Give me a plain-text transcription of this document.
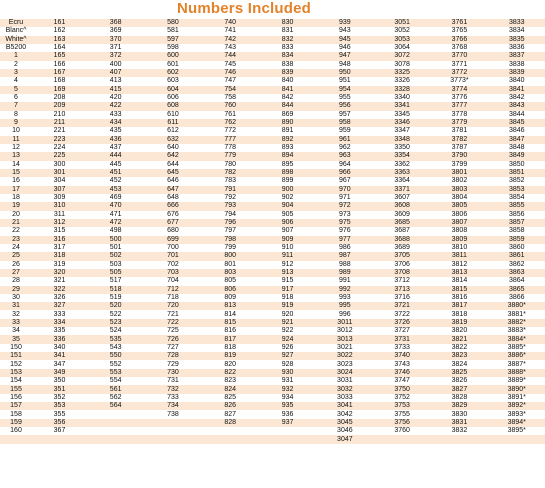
Numbers Included
Ecru	161	368	580	740	830	939	3051	3761	3833
Blanc^	162	369	581	741	831	943	3052	3765	3834
White^	163	370	597	742	832	945	3053	3766	3835
B5200	164	371	598	743	833	946	3064	3768	3836
1	165	372	600	744	834	947	3072	3770	3837
2	166	400	601	745	838	948	3078	3771	3838
3	167	407	602	746	839	950	3325	3772	3839
4	168	413	603	747	840	951	3326	3773*	3840
5	169	415	604	754	841	954	3328	3774	3841
6	208	420	606	758	842	955	3340	3776	3842
7	209	422	608	760	844	956	3341	3777	3843
8	210	433	610	761	869	957	3345	3778	3844
9	211	434	611	762	890	958	3346	3779	3845
10	221	435	612	772	891	959	3347	3781	3846
11	223	436	632	777	892	961	3348	3782	3847
12	224	437	640	778	893	962	3350	3787	3848
13	225	444	642	779	894	963	3354	3790	3849
14	300	445	644	780	895	964	3362	3799	3850
15	301	451	645	782	898	966	3363	3801	3851
16	304	452	646	783	899	967	3364	3802	3852
17	307	453	647	791	900	970	3371	3803	3853
18	309	469	648	792	902	971	3607	3804	3854
19	310	470	666	793	904	972	3608	3805	3855
20	311	471	676	794	905	973	3609	3806	3856
21	312	472	677	796	906	975	3685	3807	3857
22	315	498	680	797	907	976	3687	3808	3858
23	316	500	699	798	909	977	3688	3809	3859
24	317	501	700	799	910	986	3689	3810	3860
25	318	502	701	800	911	987	3705	3811	3861
26	319	503	702	801	912	988	3706	3812	3862
27	320	505	703	803	913	989	3708	3813	3863
28	321	517	704	805	915	991	3712	3814	3864
29	322	518	712	806	917	992	3713	3815	3865
30	326	519	718	809	918	993	3716	3816	3866
31	327	520	720	813	919	995	3721	3817	3880*
32	333	522	721	814	920	996	3722	3818	3881*
33	334	523	722	815	921	3011	3726	3819	3882*
34	335	524	725	816	922	3012	3727	3820	3883*
35	336	535	726	817	924	3013	3731	3821	3884*
150	340	543	727	818	926	3021	3733	3822	3885*
151	341	550	728	819	927	3022	3740	3823	3886*
152	347	552	729	820	928	3023	3743	3824	3887*
153	349	553	730	822	930	3024	3746	3825	3888*
154	350	554	731	823	931	3031	3747	3826	3889*
155	351	561	732	824	932	3032	3750	3827	3890*
156	352	562	733	825	934	3033	3752	3828	3891*
157	353	564	734	826	935	3041	3753	3829	3892*
158	355		738	827	936	3042	3755	3830	3893*
159	356			828	937	3045	3756	3831	3894*
160	367					3046	3760	3832	3895*
						3047			
